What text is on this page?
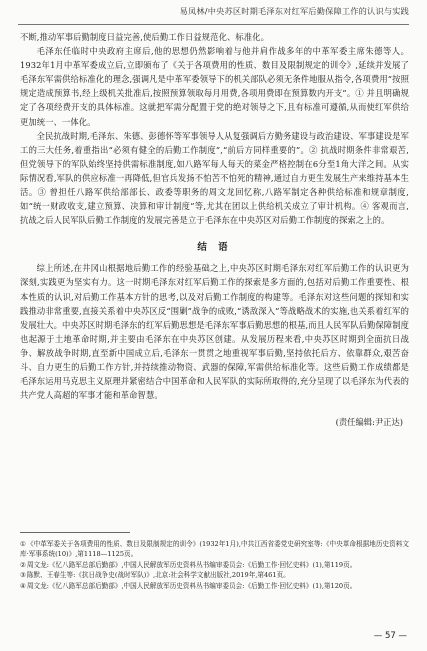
易凤林/中央苏区时期毛泽东对红军后勤保障工作的认识与实践

不断,推动军事后勤制度日益完善,使后勤工作日益规范化、标准化。

毛泽东任临时中央政府主席后,他的思想仍然影响着与他并肩作战多年的中革军委主席朱德等人。1932年1月中革军委成立后,立即颁布了《关于各项费用的性质、数目及限制规定的训令》,延续并发展了毛泽东军需供给标准化的理念,强调凡是中革军委领导下的机关部队必须无条件地服从指令,各项费用“按照规定造成预算书,经上级机关批准后,按照预算领取每月用费,各项用费即在预算数内开支”。① 并且明确规定了各项经费开支的具体标准。这就把军需分配置于党的绝对领导之下,且有标准可遵循,从而使红军供给更加统一、一体化。

全民抗战时期,毛泽东、朱德、彭德怀等军事领导人从复强调后方勤务建设与政治建设、军事建设是军工的三大任务,着重指出“必须有健全的后勤工作制度”,“前后方同样重要的”。② 抗战时期条件非常艰苦,但党领导下的军队始终坚持供需标准制度,如八路军每人每天的菜金严格控制在6分至1角大洋之间。从实际情况看,军队的供应标准一再降低,但官兵发扬不怕苦不怕死的精神,通过自力更生发展生产来维持基本生活。③ 曾担任八路军供给部部长、政委等职务的周文龙回忆称,八路军制定各种供给标准和规章制度,如“统一财政收支,建立预算、决算和审计制度”等,尤其在团以上供给机关成立了审计机构。④ 客观而言,抗战之后人民军队后勤工作制度的发展完善是立于毛泽东在中央苏区对后勤工作制度的探索之上的。

结 语

综上所述,在井冈山根据地后勤工作的经验基础之上,中央苏区时期毛泽东对红军后勤工作的认识更为深刻,实践更为坚实有力。这一时期毛泽东对红军后勤工作的探索是多方面的,包括对后勤工作重要性、根本性质的认识,对后勤工作基本方针的思考,以及对后勤工作制度的构建等。毛泽东对这些问题的探知和实践推动非常重要,直接关系着中央苏区反“围剿”战争的成败,“诱敌深入”等战略战术的实施,也关系着红军的发展壮大。中央苏区时期毛泽东的红军后勤思想是毛泽东军事后勤思想的根基,而且人民军队后勤保障制度也起源于土地革命时期,并主要由毛泽东在中央苏区创建。从发展历程来看,中央苏区时期到全面抗日战争、解放战争时期,直至新中国成立后,毛泽东一贯贯之地重视军事后勤,坚持依托后方、依靠群众,艰苦奋斗、自力更生的后勤工作方针,并持续推动物资、武器的保障,军需供给标准化等。这些后勤工作成绩都是毛泽东运用马克思主义原理并紧密结合中国革命和人民军队的实际所取得的,充分呈现了以毛泽东为代表的共产党人高超的军事才能和革命智慧。

(责任编辑:尹正达)

①《中革军委关于各项费用的性质、数目及限制规定的训令》(1932年1月),中共江西省委党史研究室等:《中央革命根据地历史资料文库·军事系统(10)》,第1118—1125页。

②周文龙:《忆八路军总部后勤部》,中国人民解放军历史资料丛书编审委员会:《后勤工作·回忆史料》(1),第119页。

③陈默、王春生等:《抗日战争史(战时军队)》,北京:社会科学文献出版社,2019年,第461页。

④周文龙:《忆八路军总部后勤部》,中国人民解放军历史资料丛书编审委员会:《后勤工作·回忆史料》(1),第120页。

— 57 —
